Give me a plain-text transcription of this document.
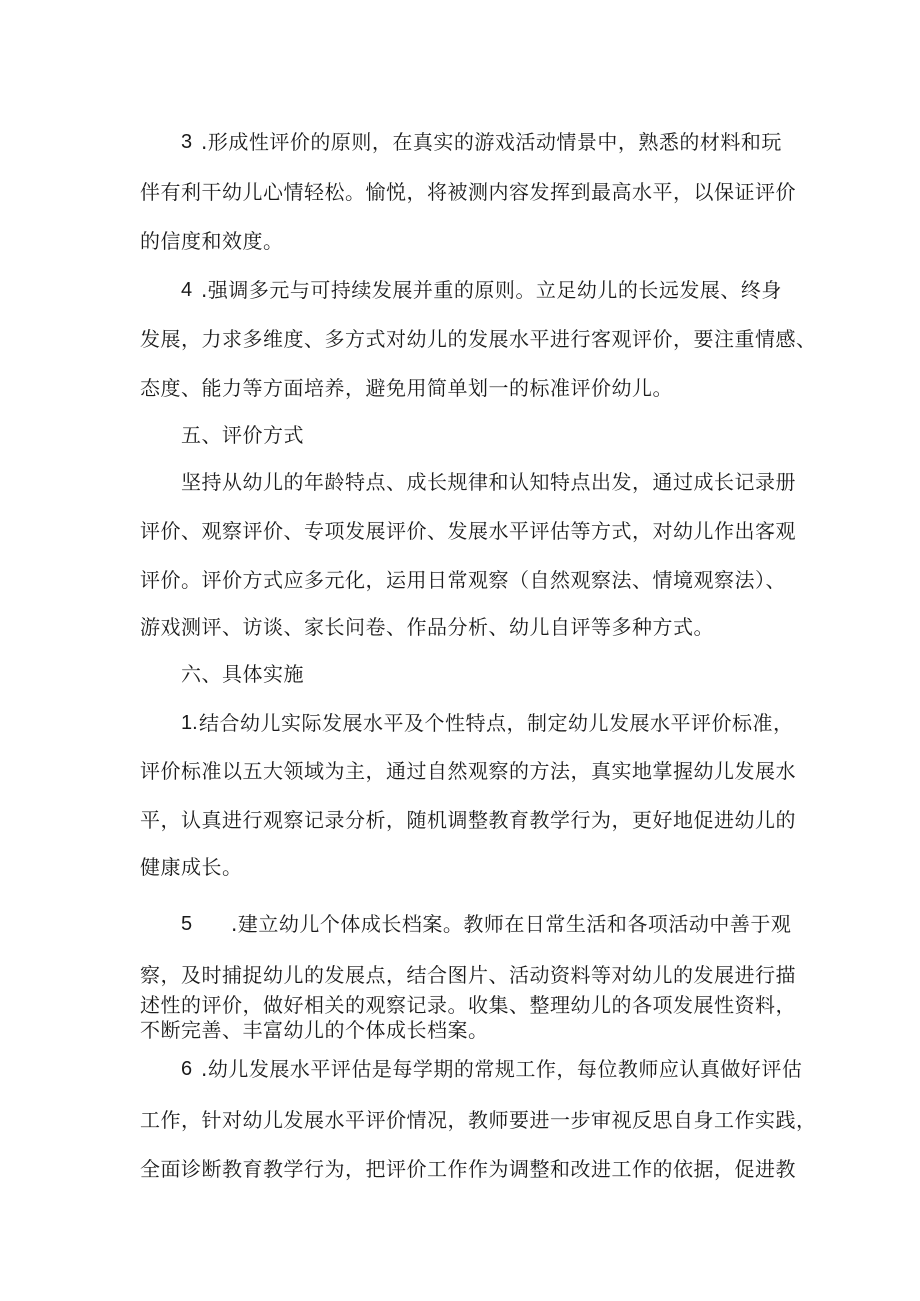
3 .形成性评价的原则，在真实的游戏活动情景中，熟悉的材料和玩
伴有利干幼儿心情轻松。愉悦，将被测内容发挥到最高水平，以保证评价
的信度和效度。
4 .强调多元与可持续发展并重的原则。立足幼儿的长远发展、终身
发展，力求多维度、多方式对幼儿的发展水平进行客观评价，要注重情感、
态度、能力等方面培养，避免用简单划一的标准评价幼儿。
五、评价方式
坚持从幼儿的年龄特点、成长规律和认知特点出发，通过成长记录册
评价、观察评价、专项发展评价、发展水平评估等方式，对幼儿作出客观
评价。评价方式应多元化，运用日常观察（自然观察法、情境观察法）、
游戏测评、访谈、家长问卷、作品分析、幼儿自评等多种方式。
六、具体实施
1. 结合幼儿实际发展水平及个性特点，制定幼儿发展水平评价标准，
评价标准以五大领域为主，通过自然观察的方法，真实地掌握幼儿发展水
平，认真进行观察记录分析，随机调整教育教学行为，更好地促进幼儿的
健康成长。
5 .建立幼儿个体成长档案。教师在日常生活和各项活动中善于观
察，及时捕捉幼儿的发展点，结合图片、活动资料等对幼儿的发展进行描
述性的评价，做好相关的观察记录。收集、整理幼儿的各项发展性资料，
不断完善、丰富幼儿的个体成长档案。
6 .幼儿发展水平评估是每学期的常规工作，每位教师应认真做好评估
工作，针对幼儿发展水平评价情况，教师要进一步审视反思自身工作实践，
全面诊断教育教学行为，把评价工作作为调整和改进工作的依据，促进教
